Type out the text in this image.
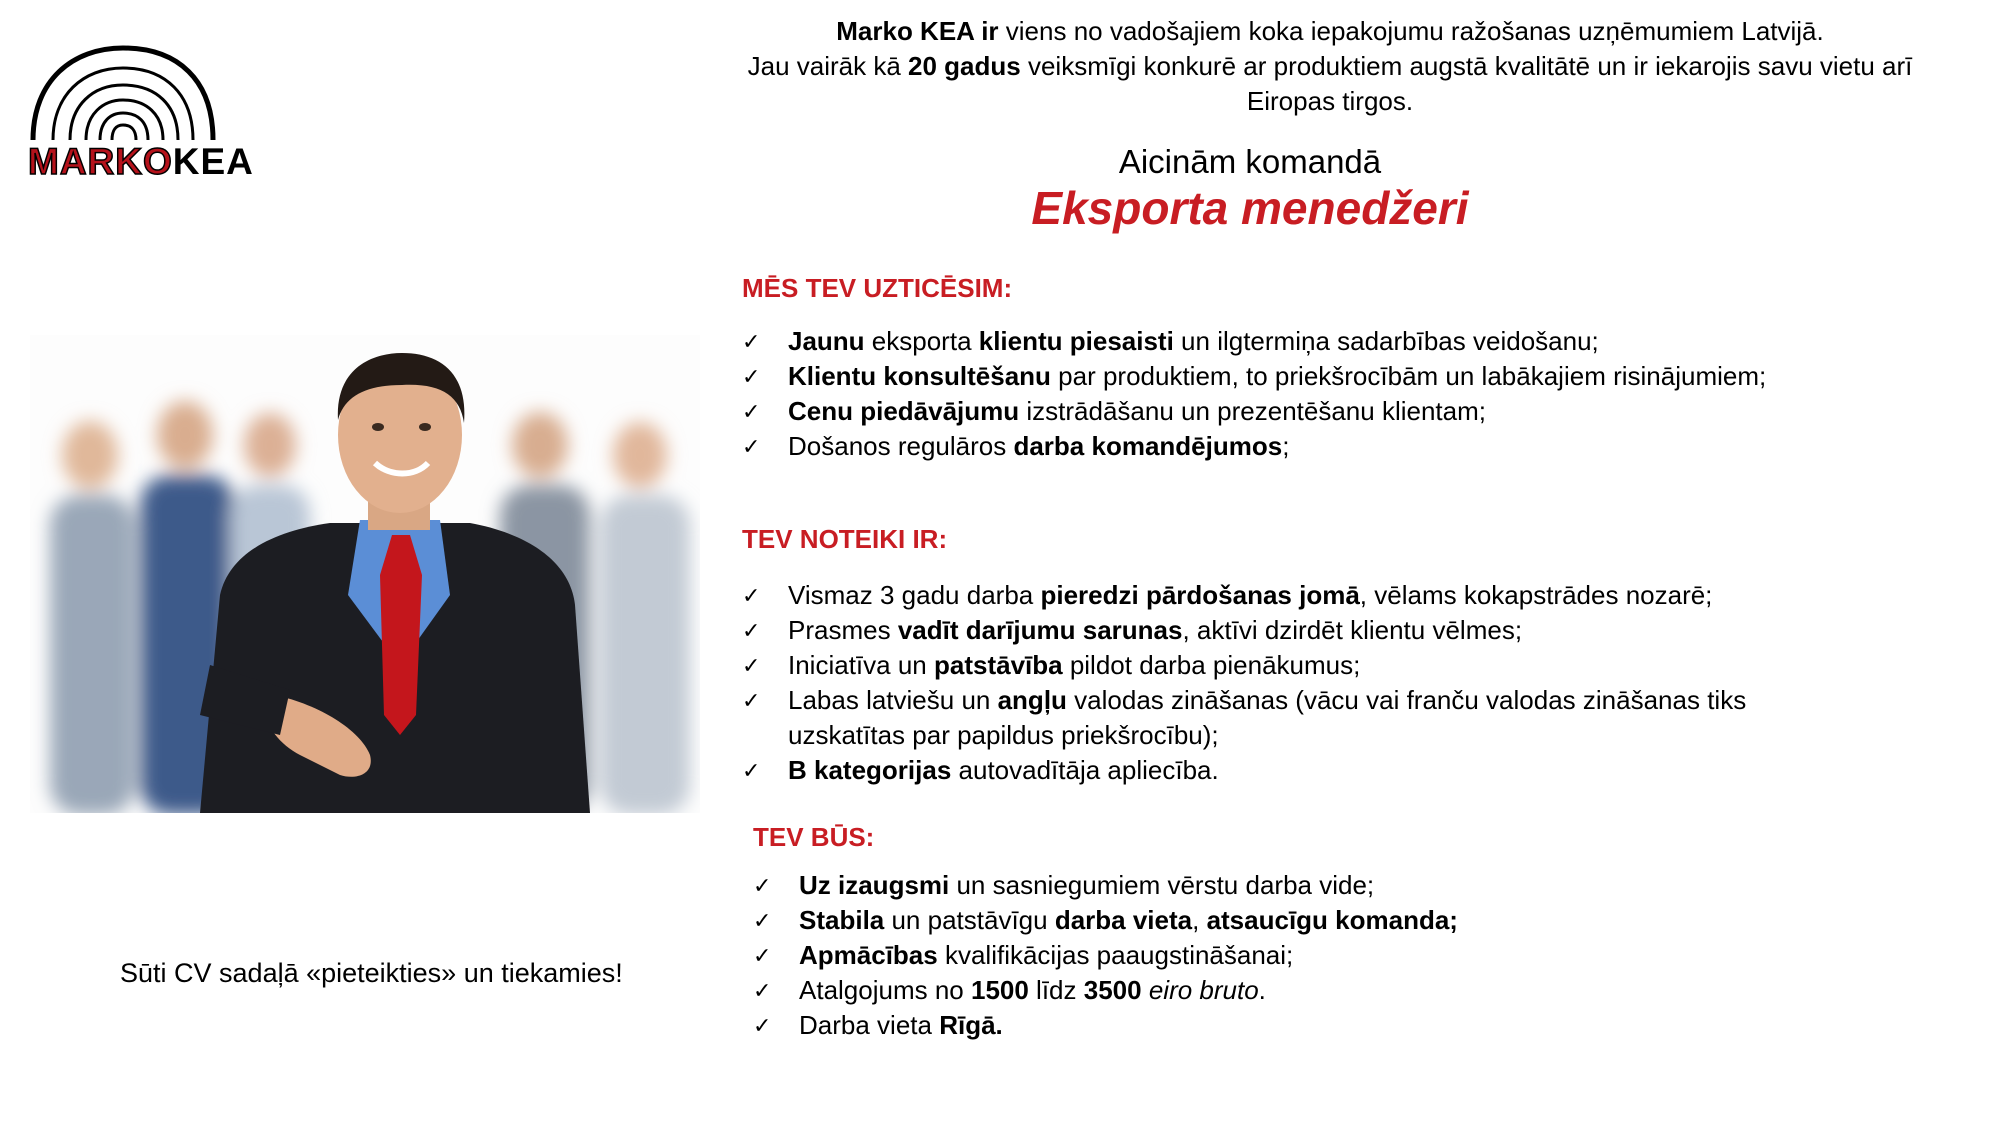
MARKOKEA
Sūti CV sadaļā «pieteikties» un tiekamies!

Marko KEA ir viens no vadošajiem koka iepakojumu ražošanas uzņēmumiem Latvijā.

Jau vairāk kā 20 gadus veiksmīgi konkurē ar produktiem augstā kvalitātē un ir iekarojis savu vietu arī Eiropas tirgos.

Aicinām komandā
Eksporta menedžeri
MĒS TEV UZTICĒSIM:
✓ Jaunu eksporta klientu piesaisti un ilgtermiņa sadarbības veidošanu;
✓ Klientu konsultēšanu par produktiem, to priekšrocībām un labākajiem risinājumiem;
✓ Cenu piedāvājumu izstrādāšanu un prezentēšanu klientam;
✓ Došanos regulāros darba komandējumos;
TEV NOTEIKI IR:
✓ Vismaz 3 gadu darba pieredzi pārdošanas jomā, vēlams kokapstrādes nozarē;
✓ Prasmes vadīt darījumu sarunas, aktīvi dzirdēt klientu vēlmes;
✓ Iniciatīva un patstāvība pildot darba pienākumus;
✓ Labas latviešu un angļu valodas zināšanas (vācu vai franču valodas zināšanas tiks uzskatītas par papildus priekšrocību);
✓ B kategorijas autovadītāja apliecība.
TEV BŪS:
✓ Uz izaugsmi un sasniegumiem vērstu darba vide;
✓ Stabila un patstāvīgu darba vieta, atsaucīgu komanda;
✓ Apmācības kvalifikācijas paaugstināšanai;
✓ Atalgojums no 1500 līdz 3500 eiro bruto.
✓ Darba vieta Rīgā.
